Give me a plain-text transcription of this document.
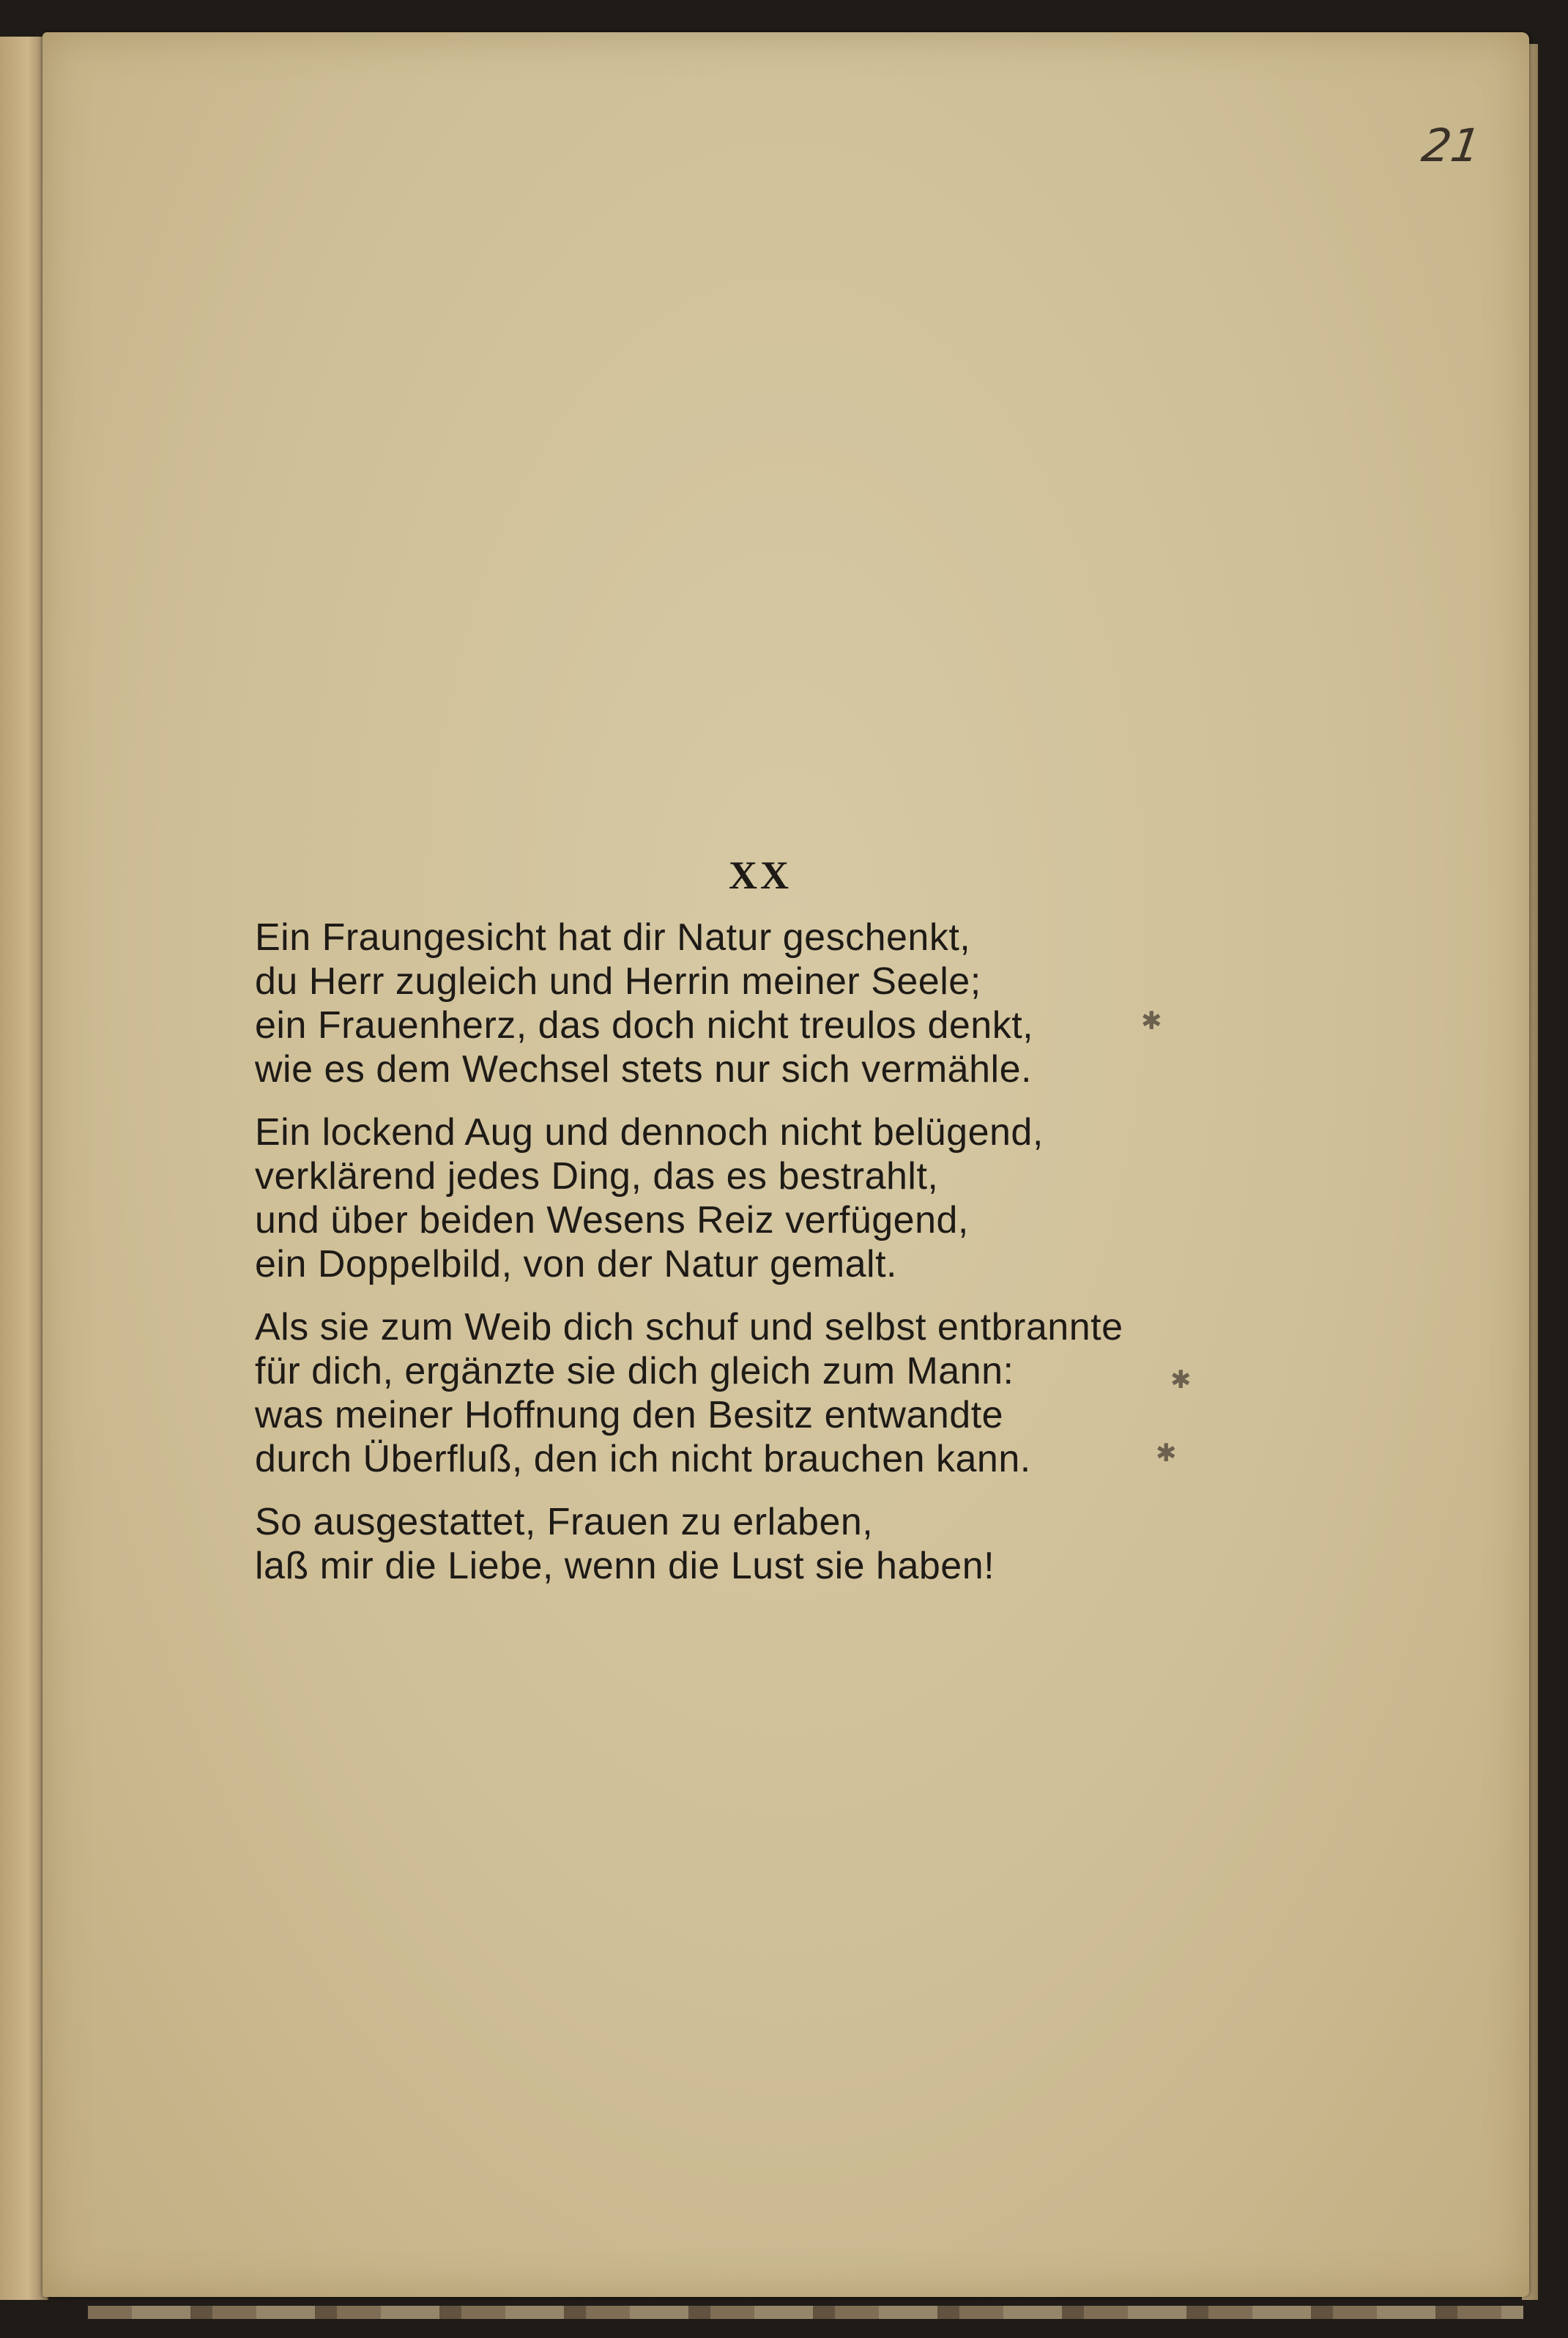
21
XX
Ein Fraungesicht hat dir Natur geschenkt,
du Herr zugleich und Herrin meiner Seele;
ein Frauenherz, das doch nicht treulos denkt,
wie es dem Wechsel stets nur sich vermähle.
Ein lockend Aug und dennoch nicht belügend,
verklärend jedes Ding, das es bestrahlt,
und über beiden Wesens Reiz verfügend,
ein Doppelbild, von der Natur gemalt.
Als sie zum Weib dich schuf und selbst entbrannte
für dich, ergänzte sie dich gleich zum Mann:
was meiner Hoffnung den Besitz entwandte
durch Überfluß, den ich nicht brauchen kann.
So ausgestattet, Frauen zu erlaben,
laß mir die Liebe, wenn die Lust sie haben!
✱
✱
✱
